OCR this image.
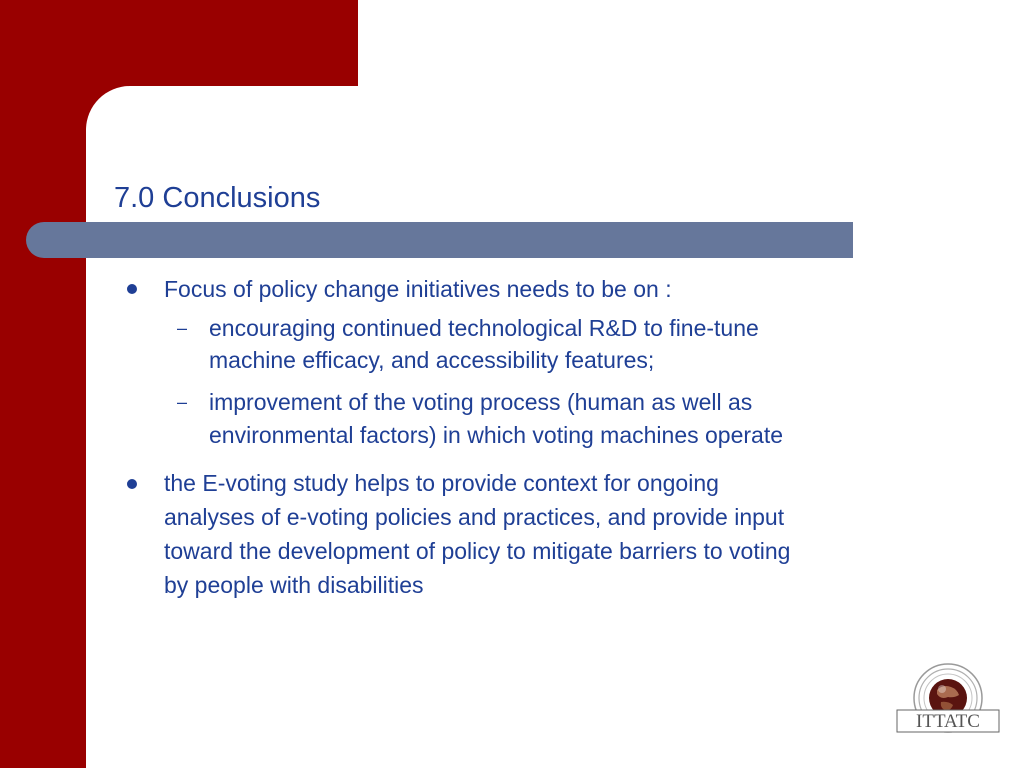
7.0 Conclusions
Focus of policy change initiatives needs to be on :
– encouraging continued technological R&D to fine-tune
machine efficacy, and accessibility features;
– improvement of the voting process (human as well as
environmental factors) in which voting machines operate
the E-voting study helps to provide context for ongoing
analyses of e-voting policies and practices, and provide input
toward the development of policy to mitigate barriers to voting
by people with disabilities
ITTATC
